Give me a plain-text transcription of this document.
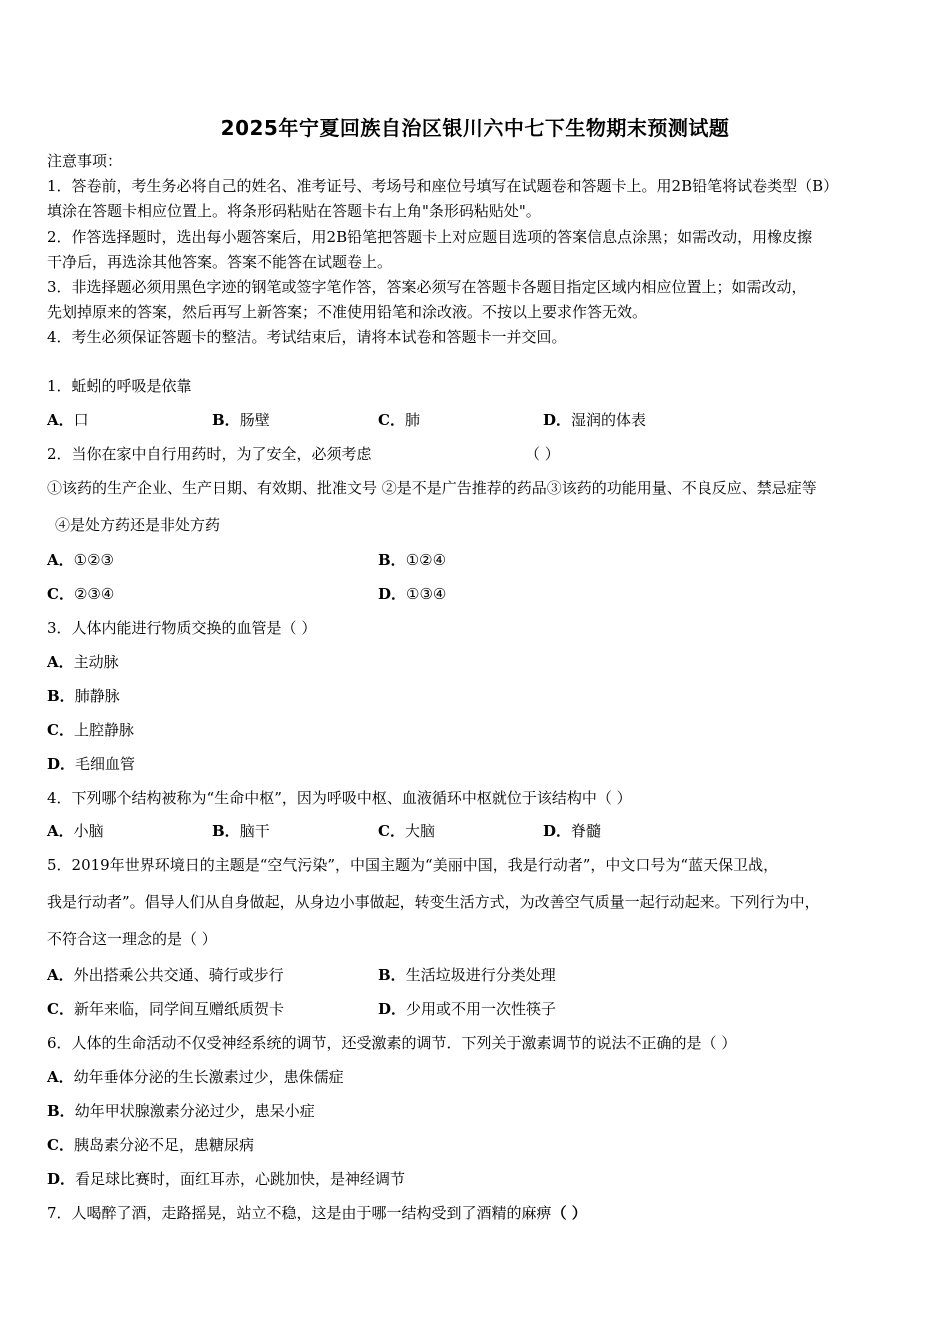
2025年宁夏回族自治区银川六中七下生物期末预测试题
注意事项：
1．答卷前，考生务必将自己的姓名、准考证号、考场号和座位号填写在试题卷和答题卡上。用2B铅笔将试卷类型（B）
填涂在答题卡相应位置上。将条形码粘贴在答题卡右上角"条形码粘贴处"。
2．作答选择题时，选出每小题答案后，用2B铅笔把答题卡上对应题目选项的答案信息点涂黑；如需改动，用橡皮擦
干净后，再选涂其他答案。答案不能答在试题卷上。
3．非选择题必须用黑色字迹的钢笔或签字笔作答，答案必须写在答题卡各题目指定区域内相应位置上；如需改动，
先划掉原来的答案，然后再写上新答案；不准使用铅笔和涂改液。不按以上要求作答无效。
4．考生必须保证答题卡的整洁。考试结束后，请将本试卷和答题卡一并交回。
1．蚯蚓的呼吸是依靠
A．口	B．肠壁	C．肺	D．湿润的体表
2．当你在家中自行用药时，为了安全，必须考虑	（ ）
①该药的生产企业、生产日期、有效期、批准文号 ②是不是广告推荐的药品③该药的功能用量、不良反应、禁忌症等
④是处方药还是非处方药
A．①②③	B．①②④
C．②③④	D．①③④
3．人体内能进行物质交换的血管是（ ）
A．主动脉
B．肺静脉
C．上腔静脉
D．毛细血管
4．下列哪个结构被称为“生命中枢”，因为呼吸中枢、血液循环中枢就位于该结构中（ ）
A．小脑	B．脑干	C．大脑	D．脊髓
5．2019年世界环境日的主题是“空气污染”，中国主题为“美丽中国，我是行动者”，中文口号为“蓝天保卫战，
我是行动者”。倡导人们从自身做起，从身边小事做起，转变生活方式，为改善空气质量一起行动起来。下列行为中，
不符合这一理念的是（ ）
A．外出搭乘公共交通、骑行或步行	B．生活垃圾进行分类处理
C．新年来临，同学间互赠纸质贺卡	D．少用或不用一次性筷子
6．人体的生命活动不仅受神经系统的调节，还受激素的调节．下列关于激素调节的说法不正确的是（ ）
A．幼年垂体分泌的生长激素过少，患侏儒症
B．幼年甲状腺激素分泌过少，患呆小症
C．胰岛素分泌不足，患糖尿病
D．看足球比赛时，面红耳赤，心跳加快，是神经调节
7．人喝醉了酒，走路摇晃，站立不稳，这是由于哪一结构受到了酒精的麻痹（ ）
